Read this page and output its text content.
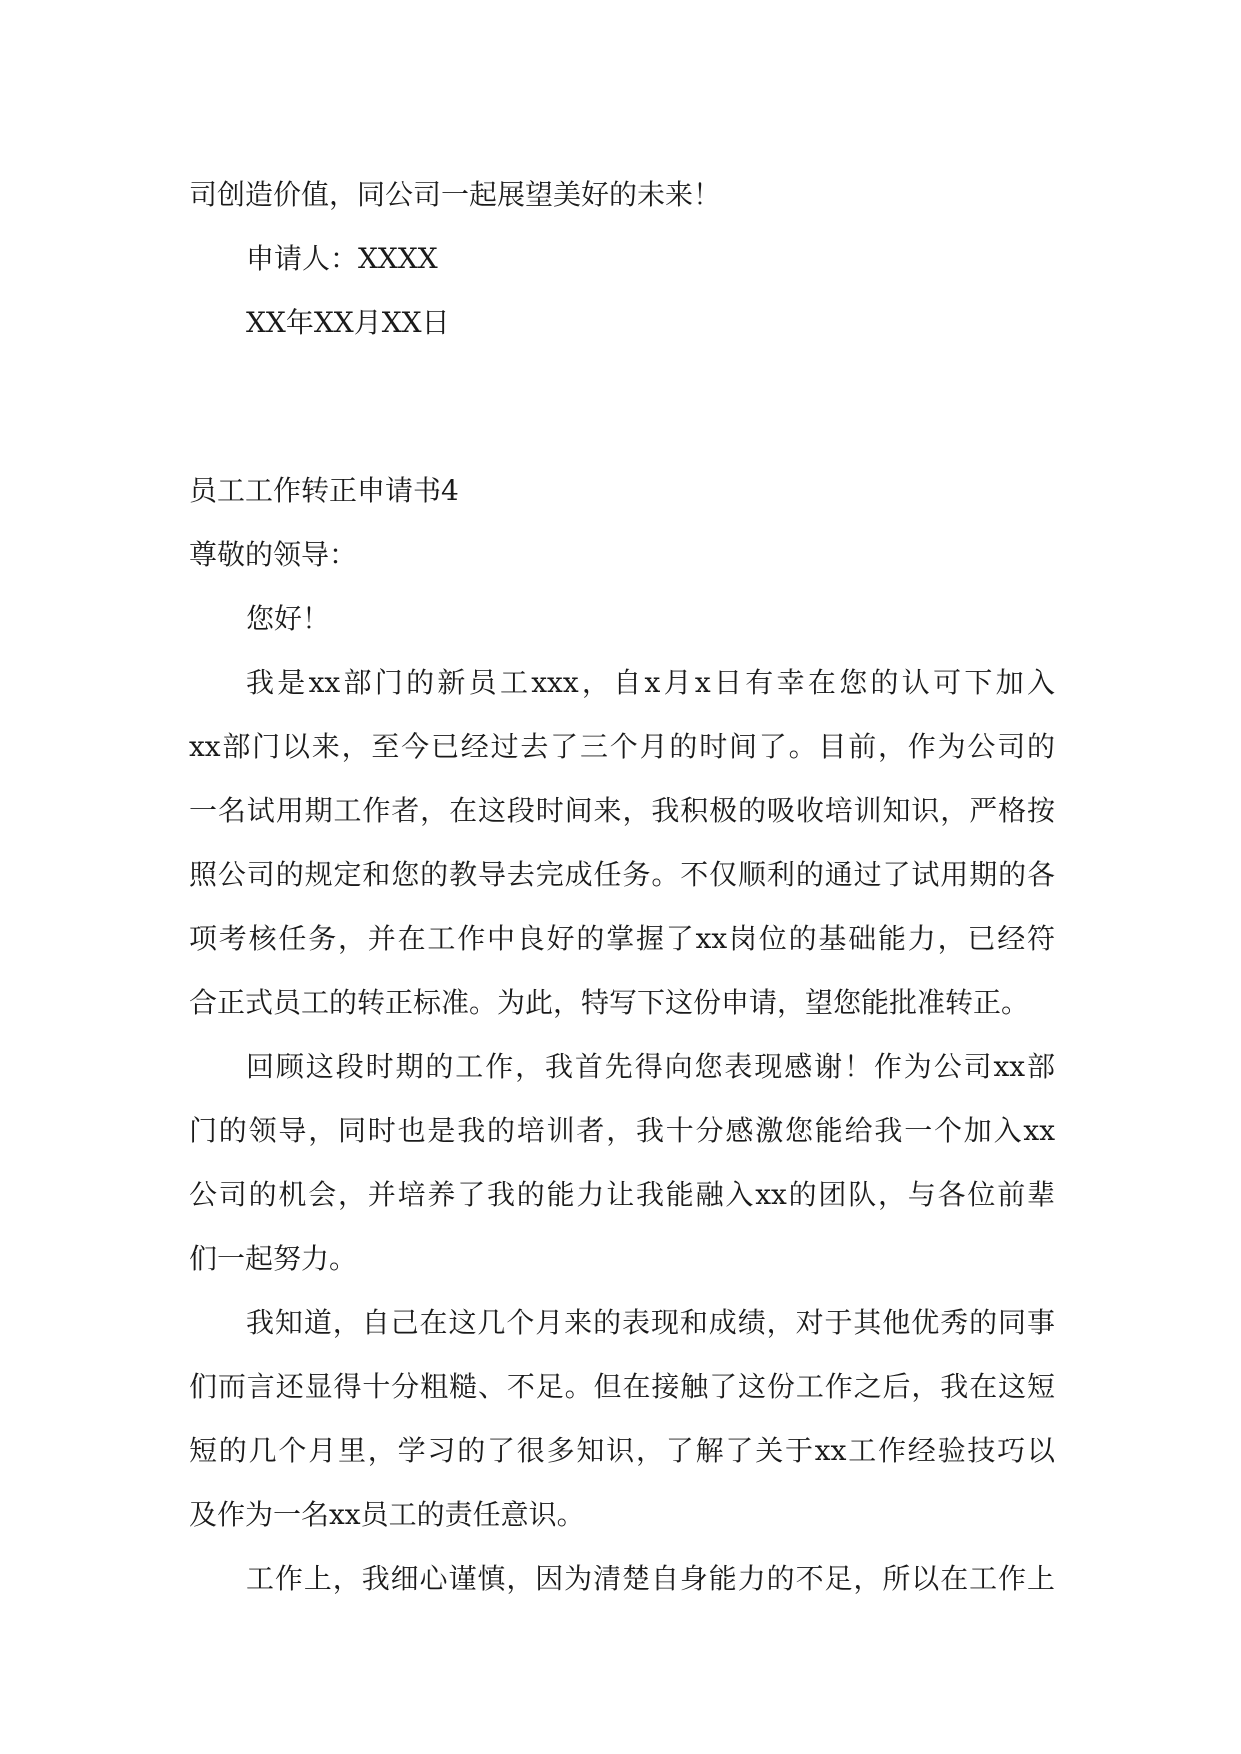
司创造价值，同公司一起展望美好的未来！
申请人：XXXX
XX年XX月XX日
员工工作转正申请书4
尊敬的领导：
您好！
我是xx部门的新员工xxx，自x月x日有幸在您的认可下加入
xx部门以来，至今已经过去了三个月的时间了。目前，作为公司的
一名试用期工作者，在这段时间来，我积极的吸收培训知识，严格按
照公司的规定和您的教导去完成任务。不仅顺利的通过了试用期的各
项考核任务，并在工作中良好的掌握了xx岗位的基础能力，已经符
合正式员工的转正标准。为此，特写下这份申请，望您能批准转正。
回顾这段时期的工作，我首先得向您表现感谢！作为公司xx部
门的领导，同时也是我的培训者，我十分感激您能给我一个加入xx
公司的机会，并培养了我的能力让我能融入xx的团队，与各位前辈
们一起努力。
我知道，自己在这几个月来的表现和成绩，对于其他优秀的同事
们而言还显得十分粗糙、不足。但在接触了这份工作之后，我在这短
短的几个月里，学习的了很多知识，了解了关于xx工作经验技巧以
及作为一名xx员工的责任意识。
工作上，我细心谨慎，因为清楚自身能力的不足，所以在工作上
